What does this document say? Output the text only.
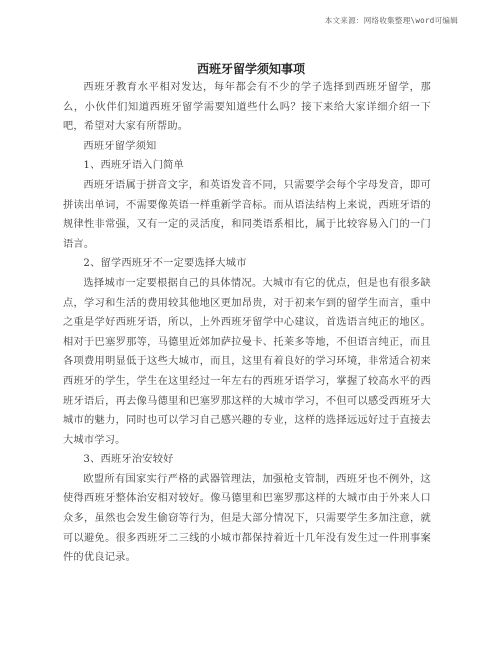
本文来源：网络收集整理\word可编辑
西班牙留学须知事项

西班牙教育水平相对发达，每年都会有不少的学子选择到西班牙留学，那么，小伙伴们知道西班牙留学需要知道些什么吗？接下来给大家详细介绍一下吧，希望对大家有所帮助。

西班牙留学须知

1、西班牙语入门简单

西班牙语属于拼音文字，和英语发音不同，只需要学会每个字母发音，即可拼读出单词，不需要像英语一样重新学音标。而从语法结构上来说，西班牙语的规律性非常强，又有一定的灵活度，和同类语系相比，属于比较容易入门的一门语言。

2、留学西班牙不一定要选择大城市

选择城市一定要根据自己的具体情况。大城市有它的优点，但是也有很多缺点，学习和生活的费用较其他地区更加昂贵，对于初来乍到的留学生而言，重中之重是学好西班牙语，所以，上外西班牙留学中心建议，首选语言纯正的地区。相对于巴塞罗那等，马德里近郊加萨拉曼卡、托莱多等地，不但语言纯正，而且各项费用明显低于这些大城市，而且，这里有着良好的学习环境，非常适合初来西班牙的学生，学生在这里经过一年左右的西班牙语学习，掌握了较高水平的西班牙语后，再去像马德里和巴塞罗那这样的大城市学习，不但可以感受西班牙大城市的魅力，同时也可以学习自己感兴趣的专业，这样的选择远远好过于直接去大城市学习。

3、西班牙治安较好

欧盟所有国家实行严格的武器管理法，加强枪支管制，西班牙也不例外，这使得西班牙整体治安相对较好。像马德里和巴塞罗那这样的大城市由于外来人口众多，虽然也会发生偷窃等行为，但是大部分情况下，只需要学生多加注意，就可以避免。很多西班牙二三线的小城市都保持着近十几年没有发生过一件刑事案件的优良记录。
